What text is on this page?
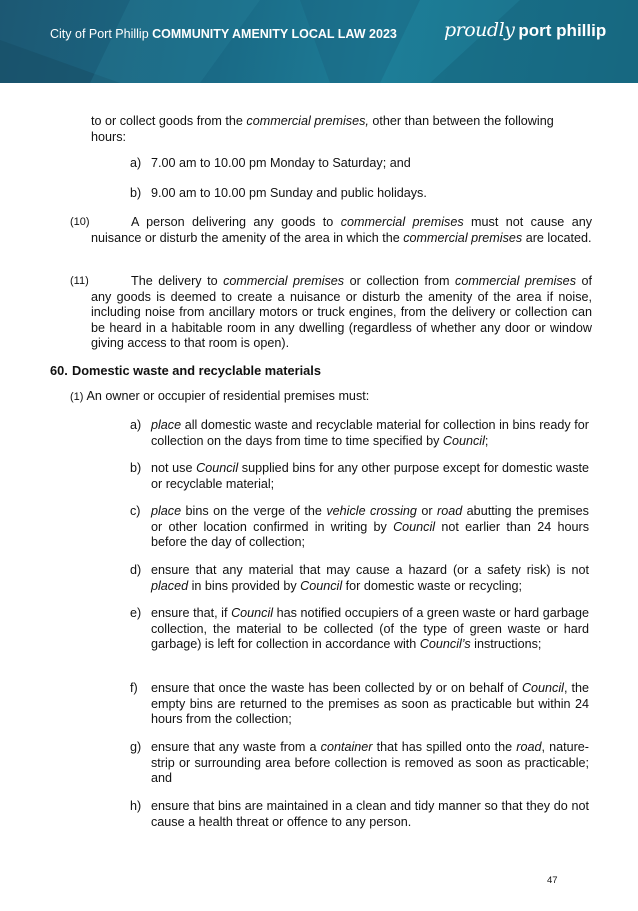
City of Port Phillip COMMUNITY AMENITY LOCAL LAW 2023 proudly port phillip
to or collect goods from the commercial premises, other than between the following hours:
a) 7.00 am to 10.00 pm Monday to Saturday; and
b) 9.00 am to 10.00 pm Sunday and public holidays.
(10)	A person delivering any goods to commercial premises must not cause any nuisance or disturb the amenity of the area in which the commercial premises are located.
(11)	The delivery to commercial premises or collection from commercial premises of any goods is deemed to create a nuisance or disturb the amenity of the area if noise, including noise from ancillary motors or truck engines, from the delivery or collection can be heard in a habitable room in any dwelling (regardless of whether any door or window giving access to that room is open).
60. Domestic waste and recyclable materials
(1) An owner or occupier of residential premises must:
a) place all domestic waste and recyclable material for collection in bins ready for collection on the days from time to time specified by Council;
b) not use Council supplied bins for any other purpose except for domestic waste or recyclable material;
c) place bins on the verge of the vehicle crossing or road abutting the premises or other location confirmed in writing by Council not earlier than 24 hours before the day of collection;
d) ensure that any material that may cause a hazard (or a safety risk) is not placed in bins provided by Council for domestic waste or recycling;
e) ensure that, if Council has notified occupiers of a green waste or hard garbage collection, the material to be collected (of the type of green waste or hard garbage) is left for collection in accordance with Council’s instructions;
f)	ensure that once the waste has been collected by or on behalf of Council, the empty bins are returned to the premises as soon as practicable but within 24 hours from the collection;
g) ensure that any waste from a container that has spilled onto the road, nature-strip or surrounding area before collection is removed as soon as practicable; and
h) ensure that bins are maintained in a clean and tidy manner so that they do not cause a health threat or offence to any person.
47
